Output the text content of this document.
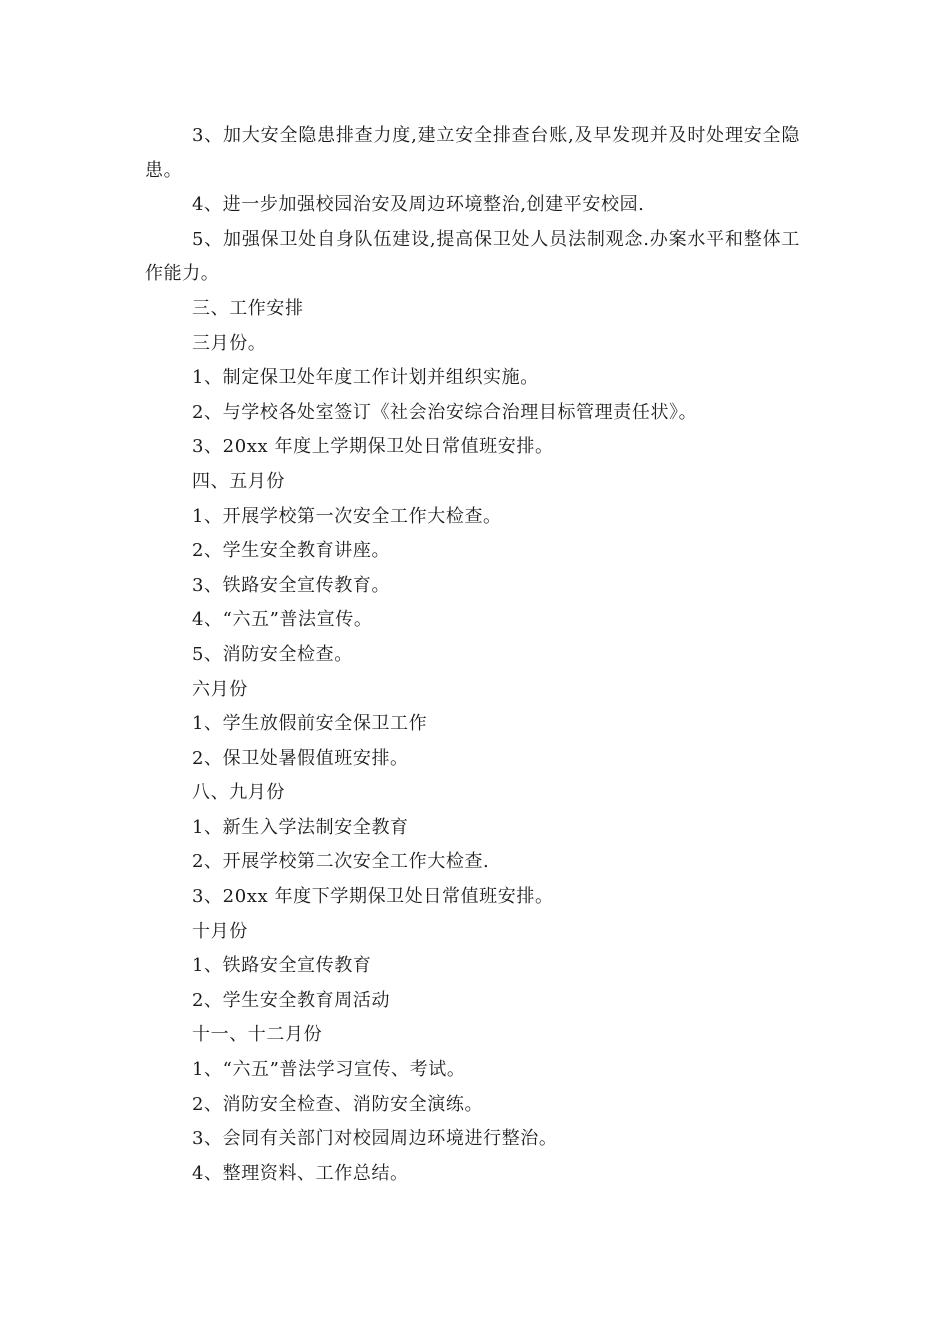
3、加大安全隐患排查力度,建立安全排查台账,及早发现并及时处理安全隐患。

4、进一步加强校园治安及周边环境整治,创建平安校园.

5、加强保卫处自身队伍建设,提高保卫处人员法制观念.办案水平和整体工作能力。

三、工作安排

三月份。

1、制定保卫处年度工作计划并组织实施。

2、与学校各处室签订《社会治安综合治理目标管理责任状》。

3、20xx 年度上学期保卫处日常值班安排。

四、五月份

1、开展学校第一次安全工作大检查。

2、学生安全教育讲座。

3、铁路安全宣传教育。

4、“六五”普法宣传。

5、消防安全检查。

六月份

1、学生放假前安全保卫工作

2、保卫处暑假值班安排。

八、九月份

1、新生入学法制安全教育

2、开展学校第二次安全工作大检查.

3、20xx 年度下学期保卫处日常值班安排。

十月份

1、铁路安全宣传教育

2、学生安全教育周活动

十一、十二月份

1、“六五”普法学习宣传、考试。

2、消防安全检查、消防安全演练。

3、会同有关部门对校园周边环境进行整治。

4、整理资料、工作总结。
